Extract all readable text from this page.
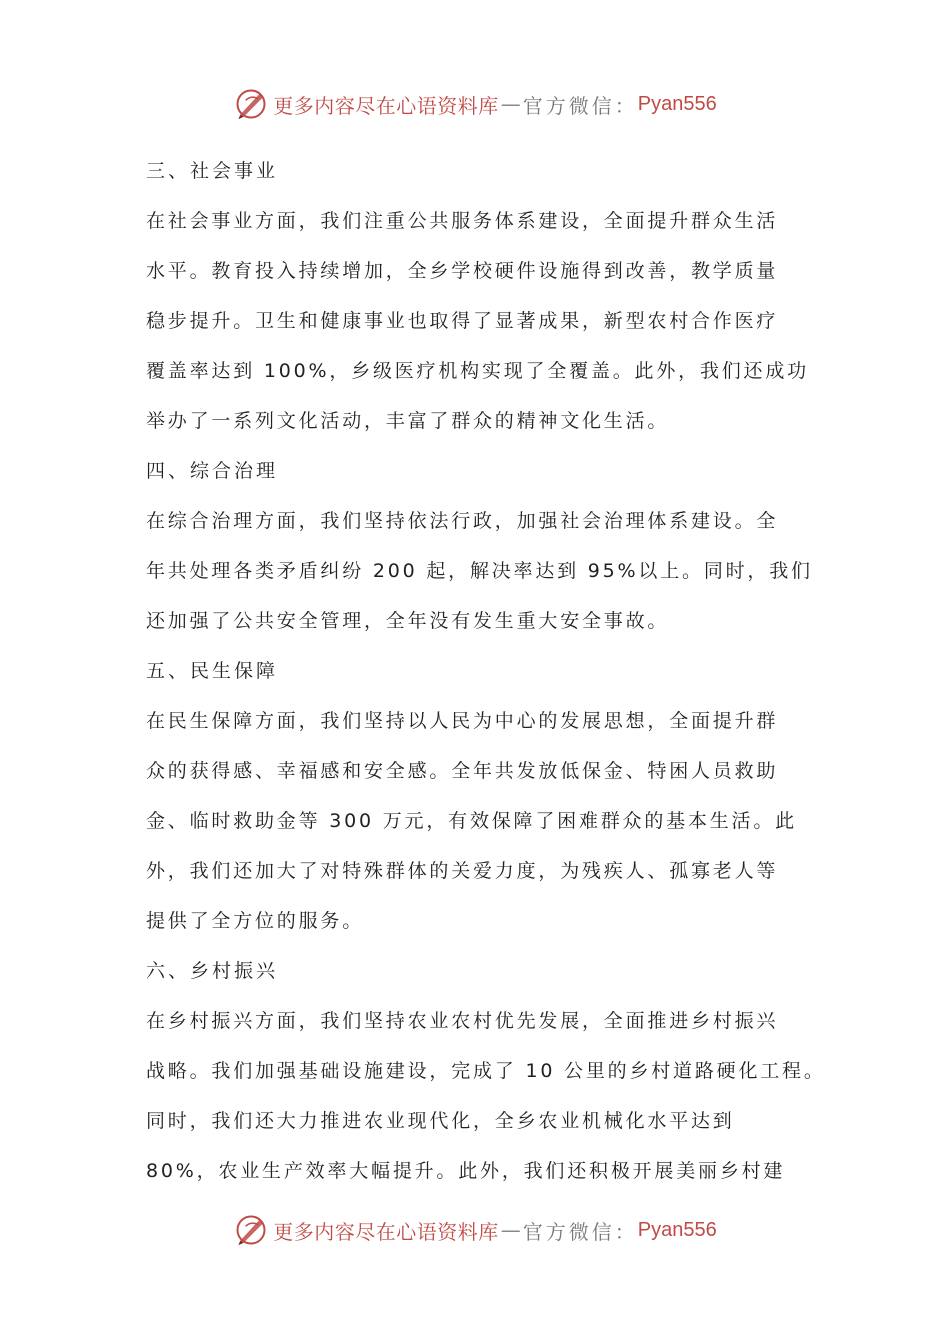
更多内容尽在心语资料库 — 官方微信： Pyan556
三、社会事业
在社会事业方面，我们注重公共服务体系建设，全面提升群众生活
水平。教育投入持续增加，全乡学校硬件设施得到改善，教学质量
稳步提升。卫生和健康事业也取得了显著成果，新型农村合作医疗
覆盖率达到 100%，乡级医疗机构实现了全覆盖。此外，我们还成功
举办了一系列文化活动，丰富了群众的精神文化生活。
四、综合治理
在综合治理方面，我们坚持依法行政，加强社会治理体系建设。全
年共处理各类矛盾纠纷 200 起，解决率达到 95%以上。同时，我们
还加强了公共安全管理，全年没有发生重大安全事故。
五、民生保障
在民生保障方面，我们坚持以人民为中心的发展思想，全面提升群
众的获得感、幸福感和安全感。全年共发放低保金、特困人员救助
金、临时救助金等 300 万元，有效保障了困难群众的基本生活。此
外，我们还加大了对特殊群体的关爱力度，为残疾人、孤寡老人等
提供了全方位的服务。
六、乡村振兴
在乡村振兴方面，我们坚持农业农村优先发展，全面推进乡村振兴
战略。我们加强基础设施建设，完成了 10 公里的乡村道路硬化工程。
同时，我们还大力推进农业现代化，全乡农业机械化水平达到
80%，农业生产效率大幅提升。此外，我们还积极开展美丽乡村建
更多内容尽在心语资料库 — 官方微信： Pyan556
